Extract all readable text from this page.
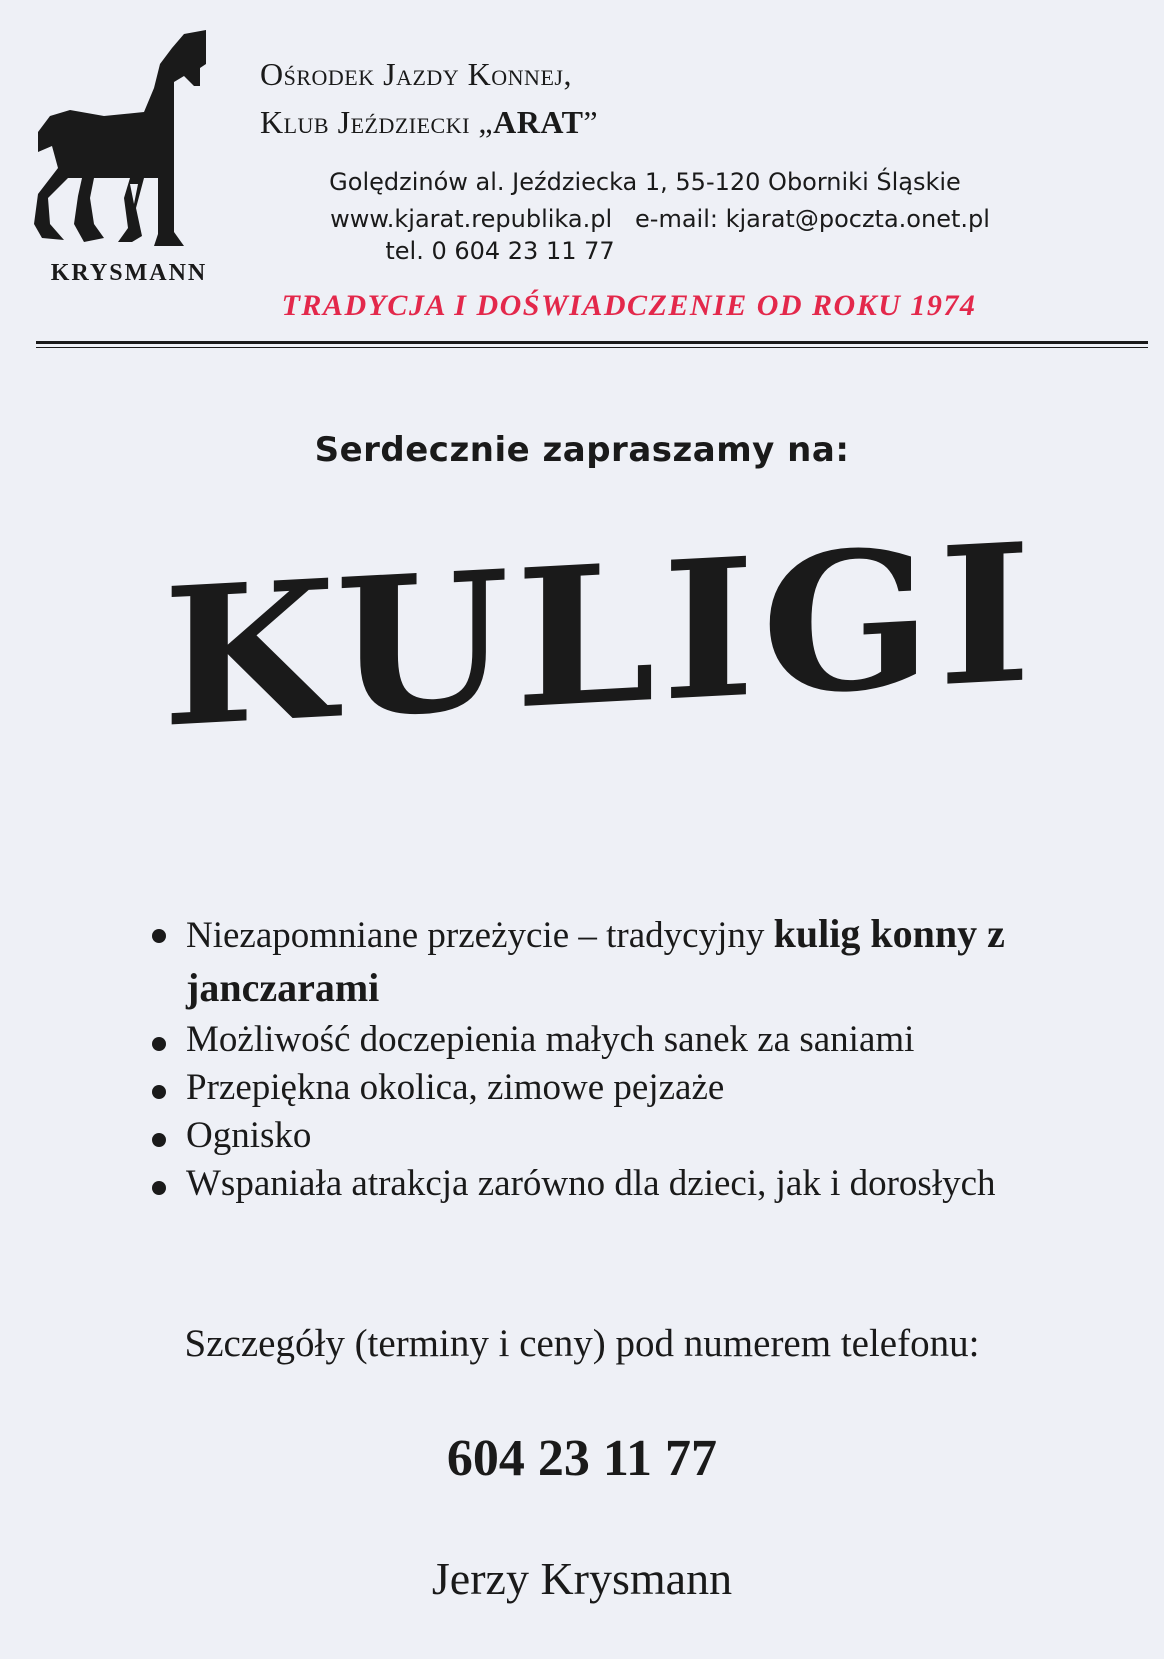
KRYSMANN
Ośrodek Jazdy Konnej,
Klub Jeździecki „ARAT”
Golędzinów al. Jeździecka 1, 55-120 Oborniki Śląskie
www.kjarat.republika.pl   e-mail: kjarat@poczta.onet.pl
tel. 0 604 23 11 77
TRADYCJA I DOŚWIADCZENIE OD ROKU 1974
Serdecznie zapraszamy na:
KULIGI
Niezapomniane przeżycie – tradycyjny kulig konny z janczarami
Możliwość doczepienia małych sanek za saniami
Przepiękna okolica, zimowe pejzaże
Ognisko
Wspaniała atrakcja zarówno dla dzieci, jak i dorosłych
Szczegóły (terminy i ceny) pod numerem telefonu:
604 23 11 77
Jerzy Krysmann
